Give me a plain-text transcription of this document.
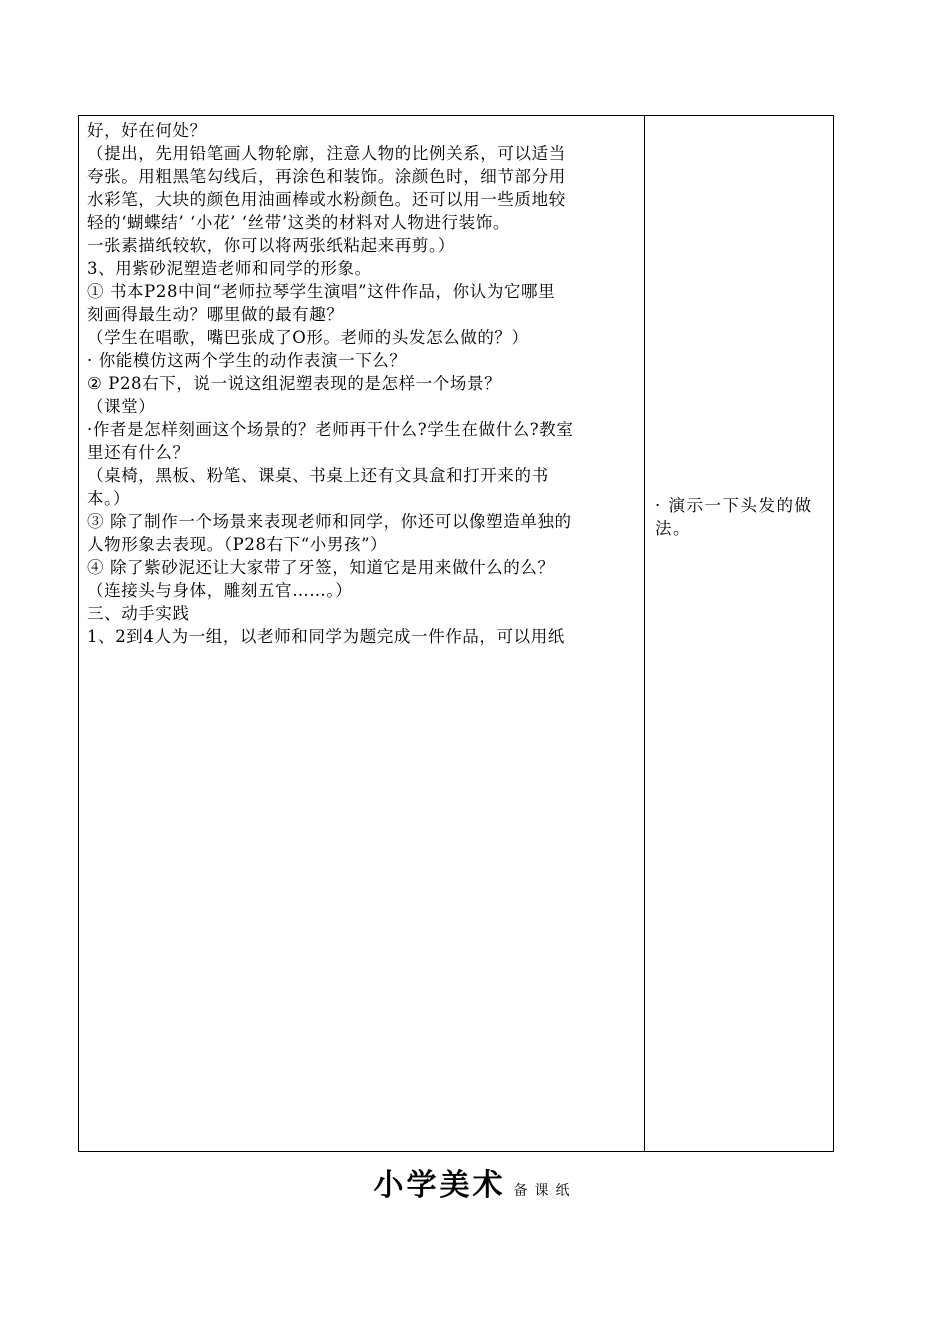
好，好在何处？
（提出，先用铅笔画人物轮廓，注意人物的比例关系，可以适当
夸张。用粗黑笔勾线后，再涂色和装饰。涂颜色时，细节部分用
水彩笔，大块的颜色用油画棒或水粉颜色。还可以用一些质地较
轻的‘蝴蝶结’ ‘小花’ ‘丝带’这类的材料对人物进行装饰。
一张素描纸较软，你可以将两张纸粘起来再剪。）
3、用紫砂泥塑造老师和同学的形象。
① 书本P28中间“老师拉琴学生演唱”这件作品，你认为它哪里
刻画得最生动？哪里做的最有趣？
（学生在唱歌，嘴巴张成了O形。老师的头发怎么做的？）
· 你能模仿这两个学生的动作表演一下么？
② P28右下，说一说这组泥塑表现的是怎样一个场景？
（课堂）
·作者是怎样刻画这个场景的？老师再干什么?学生在做什么?教室
里还有什么？
（桌椅，黑板、粉笔、课桌、书桌上还有文具盒和打开来的书
本。）
③ 除了制作一个场景来表现老师和同学，你还可以像塑造单独的
人物形象去表现。（P28右下“小男孩”）
④ 除了紫砂泥还让大家带了牙签，知道它是用来做什么的么？
（连接头与身体，雕刻五官……。）
三、动手实践
1、2到4人为一组，以老师和同学为题完成一件作品，可以用纸
· 演示一下头发的做
法。
小学美术 备课纸
